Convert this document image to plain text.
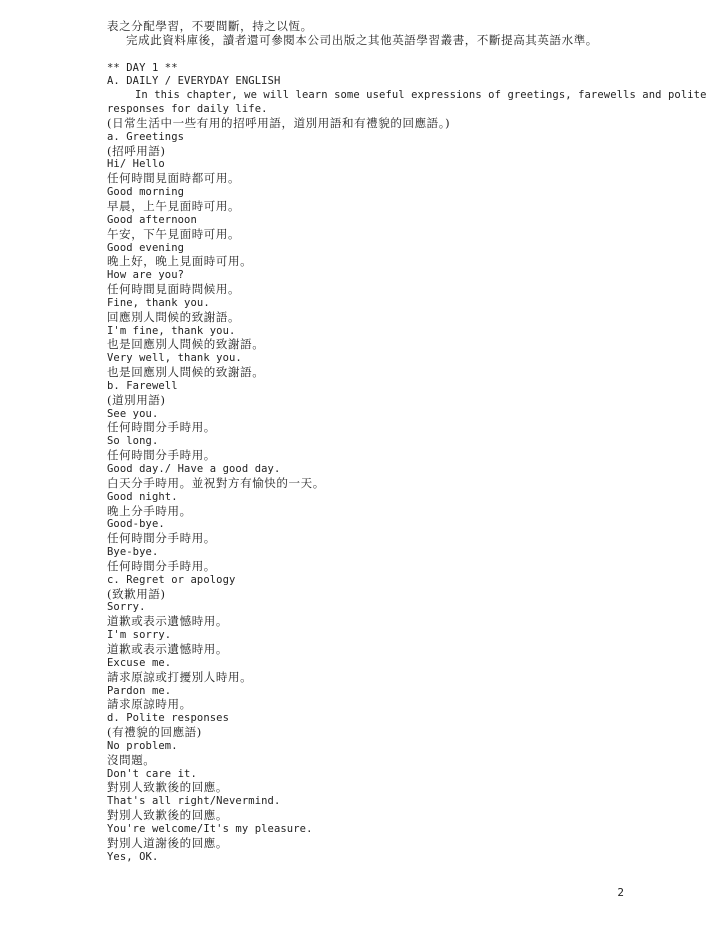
表之分配學習，不要間斷，持之以恆。
完成此資料庫後，讀者還可參閱本公司出版之其他英語學習叢書，不斷提高其英語水準。
** DAY 1 **
A. DAILY / EVERYDAY ENGLISH
In this chapter, we will learn some useful expressions of greetings, farewells and polite
responses for daily life.
(日常生活中一些有用的招呼用語，道別用語和有禮貌的回應語。)
a. Greetings
(招呼用語)
Hi/ Hello
任何時間見面時都可用。
Good morning
早晨，上午見面時可用。
Good afternoon
午安，下午見面時可用。
Good evening
晚上好，晚上見面時可用。
How are you?
任何時間見面時問候用。
Fine, thank you.
回應別人問候的致謝語。
I'm fine, thank you.
也是回應別人問候的致謝語。
Very well, thank you.
也是回應別人問候的致謝語。
b. Farewell
(道別用語)
See you.
任何時間分手時用。
So long.
任何時間分手時用。
Good day./ Have a good day.
白天分手時用。並祝對方有愉快的一天。
Good night.
晚上分手時用。
Good-bye.
任何時間分手時用。
Bye-bye.
任何時間分手時用。
c. Regret or apology
(致歉用語)
Sorry.
道歉或表示遺憾時用。
I'm sorry.
道歉或表示遺憾時用。
Excuse me.
請求原諒或打擾別人時用。
Pardon me.
請求原諒時用。
d. Polite responses
(有禮貌的回應語)
No problem.
沒問題。
Don't care it.
對別人致歉後的回應。
That's all right/Nevermind.
對別人致歉後的回應。
You're welcome/It's my pleasure.
對別人道謝後的回應。
Yes, OK.
2
